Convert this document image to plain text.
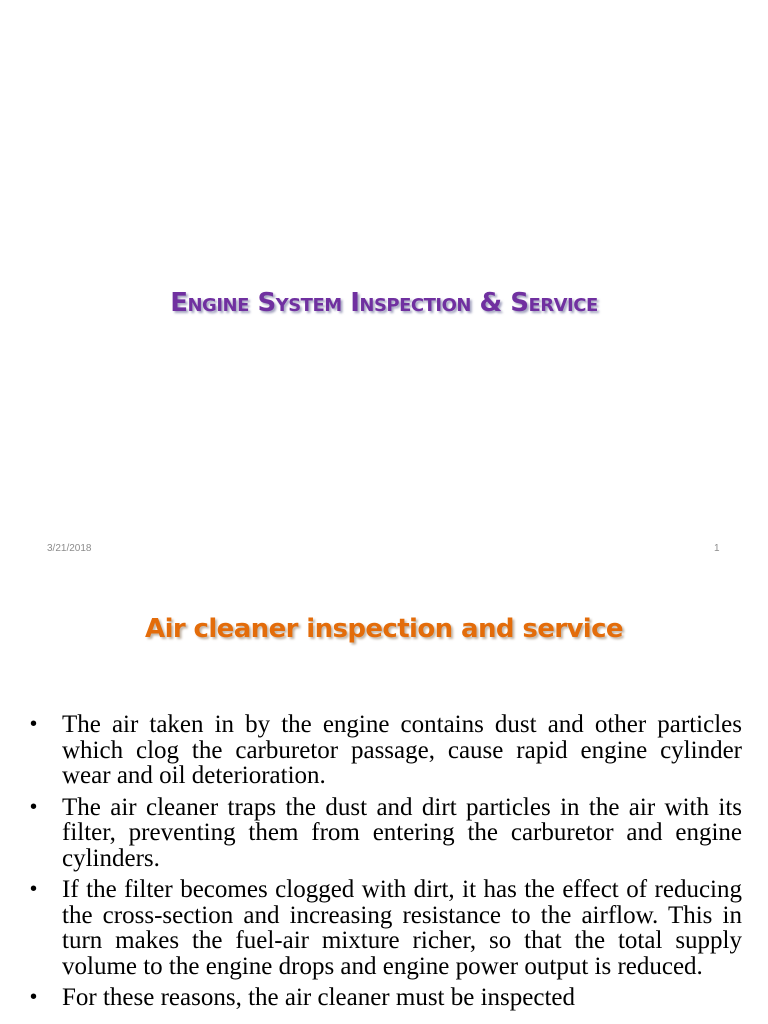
Engine System Inspection & Service
3/21/2018	1
Air cleaner inspection and service
• The air taken in by the engine contains dust and other particles which clog the carburetor passage, cause rapid engine cylinder wear and oil deterioration.
• The air cleaner traps the dust and dirt particles in the air with its filter, preventing them from entering the carburetor and engine cylinders.
• If the filter becomes clogged with dirt, it has the effect of reducing the cross-section and increasing resistance to the airflow. This in turn makes the fuel-air mixture richer, so that the total supply volume to the engine drops and engine power output is reduced.
• For these reasons, the air cleaner must be inspected
